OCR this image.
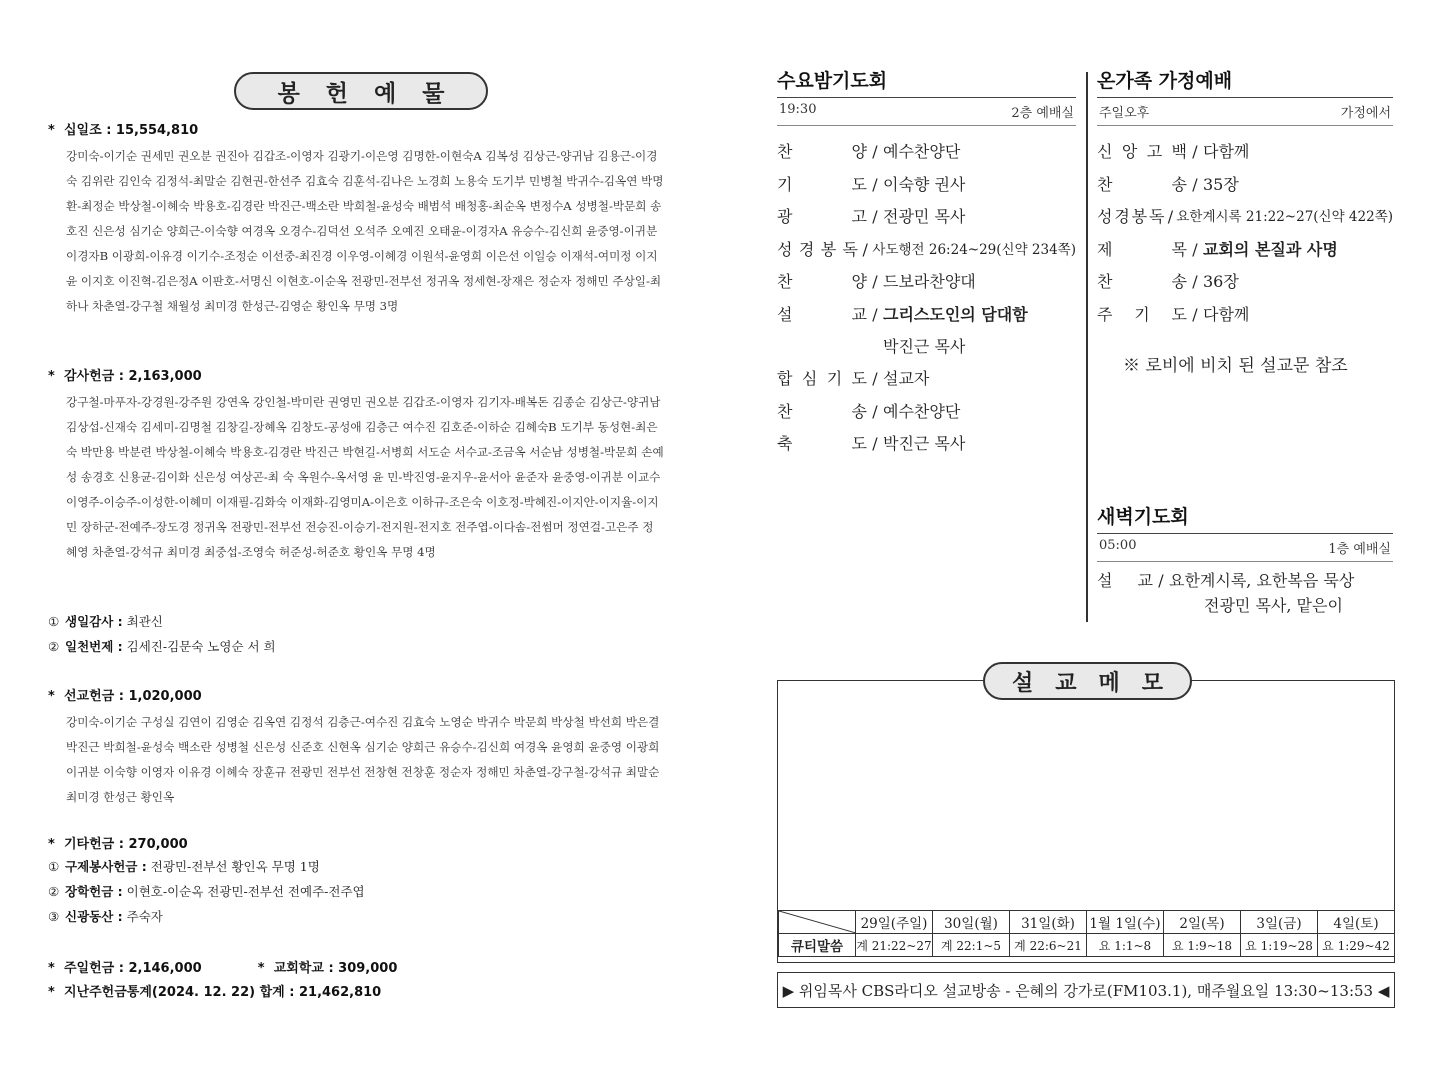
봉헌예물
* 십일조 : 15,554,810
강미숙-이기순 권세민 권오분 권진아 김갑조-이영자 김광기-이은영 김명한-이현숙A 김복성 김상근-양귀남 김용근-이경숙 김위란 김인숙 김정석-최말순 김현권-한선주 김효숙 김훈석-김나은 노경희 노용숙 도기부 민병철 박귀수-김옥연 박명환-최정순 박상철-이혜숙 박용호-김경란 박진근-백소란 박희철-윤성숙 배범석 배청홍-최순옥 변정수A 성병철-박문희 송호진 신은성 심기순 양희근-이숙향 여경옥 오경수-김덕선 오석주 오예진 오태윤-이경자A 유승수-김신희 윤중영-이귀분 이경자B 이광희-이유경 이기수-조정순 이선중-최진경 이우영-이혜경 이원석-윤영희 이은선 이일승 이재석-여미정 이지윤 이지호 이진혁-김은정A 이판호-서명신 이현호-이순옥 전광민-전부선 정귀옥 정세현-장재은 정순자 정해민 주상일-최하나 차춘열-강구철 채월성 최미경 한성근-김영순 황인옥 무명 3명
* 감사헌금 : 2,163,000
강구철-마푸자-강경원-강주원 강연옥 강인철-박미란 권영민 권오분 김갑조-이영자 김기자-배복돈 김종순 김상근-양귀남 김상섭-신재숙 김세미-김명철 김창길-장혜옥 김창도-공성애 김층근 여수진 김호준-이하순 김혜숙B 도기부 동성현-최은숙 박만용 박분련 박상철-이혜숙 박용호-김경란 박진근 박현길-서병희 서도순 서수교-조금옥 서순남 성병철-박문희 손예성 송경호 신용균-김이화 신은성 여상곤-최 숙 옥원수-옥서영 윤 민-박진영-윤지우-윤서아 윤준자 윤중영-이귀분 이교수 이영주-이승주-이성한-이혜미 이재필-김화숙 이재화-김영미A-이은호 이하규-조은숙 이호정-박혜진-이지안-이지율-이지민 장하군-전예주-장도경 정귀옥 전광민-전부선 전승진-이승기-전지원-전지호 전주엽-이다솜-전썸머 정연걸-고은주 정혜영 차춘열-강석규 최미경 최중섭-조영숙 허준성-허준호 황인옥 무명 4명
① 생일감사 : 최관신
② 일천번제 : 김세진-김문숙 노영순 서 희
* 선교헌금 : 1,020,000
강미숙-이기순 구성실 김연이 김영순 김옥연 김정석 김층근-여수진 김효숙 노영순 박귀수 박문희 박상철 박선희 박은결 박진근 박희철-윤성숙 백소란 성병철 신은성 신준호 신현옥 심기순 양희근 유승수-김신희 여경옥 윤영희 윤중영 이광희 이귀분 이숙향 이영자 이유경 이혜숙 장훈규 전광민 전부선 전창현 전창훈 정순자 정해민 차춘열-강구철-강석규 최말순 최미경 한성근 황인옥
* 기타헌금 : 270,000
① 구제봉사헌금 : 전광민-전부선 황인옥 무명 1명
② 장학헌금 : 이현호-이순옥 전광민-전부선 전예주-전주엽
③ 신광동산 : 주숙자
* 주일헌금 : 2,146,000	* 교회학교 : 309,000
* 지난주헌금통계(2024. 12. 22) 합계 : 21,462,810
수요밤기도회
19:30	2층 예배실
찬	양 / 예수찬양단
기	도 / 이숙향 권사
광	고 / 전광민 목사
성 경 봉 독 / 사도행전 26:24~29(신약 234쪽)
찬	양 / 드보라찬양대
설	교 / 그리스도인의 담대함
박진근 목사
합 심 기 도 / 설교자
찬	송 / 예수찬양단
축	도 / 박진근 목사
온가족 가정예배
주일오후	가정에서
신 앙 고 백 / 다함께
찬	송 / 35장
성 경 봉 독 / 요한계시록 21:22~27(신약 422쪽)
제	목 / 교회의 본질과 사명
찬	송 / 36장
주 기 도 / 다함께
※ 로비에 비치 된 설교문 참조
새벽기도회
05:00	1층 예배실
설 교 / 요한계시록, 요한복음 묵상
전광민 목사, 맡은이
설교메모
	29일(주일)	30일(월)	31일(화)	1월 1일(수)	2일(목)	3일(금)	4일(토)
큐티말씀	계 21:22~27	계 22:1~5	계 22:6~21	요 1:1~8	요 1:9~18	요 1:19~28	요 1:29~42
▶ 위임목사 CBS라디오 설교방송 - 은혜의 강가로(FM103.1), 매주월요일 13:30~13:53 ◀
